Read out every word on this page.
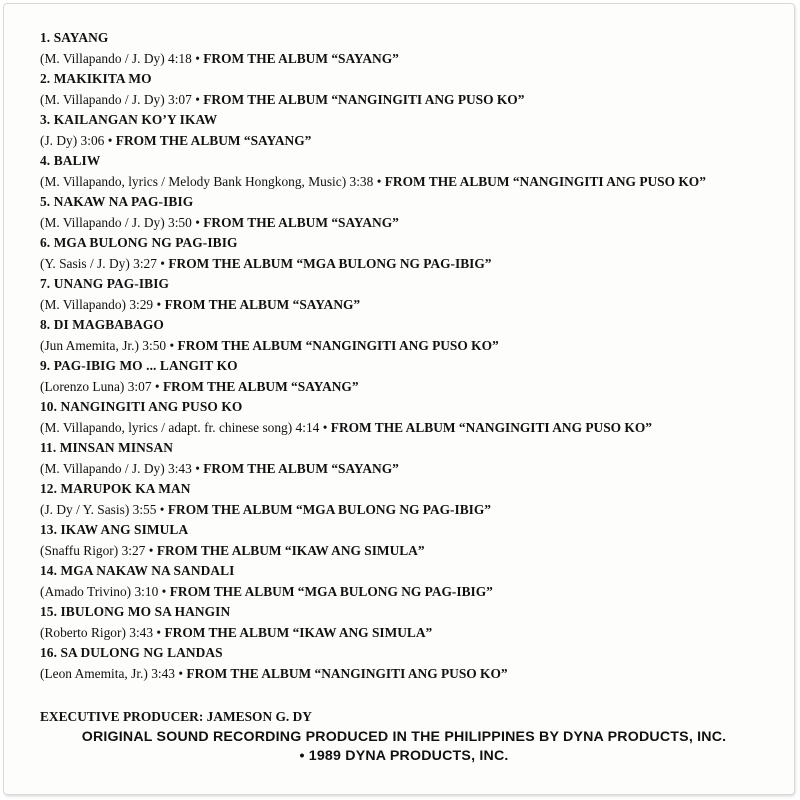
1. SAYANG
(M. Villapando / J. Dy) 4:18 • FROM THE ALBUM “SAYANG”
2. MAKIKITA MO
(M. Villapando / J. Dy) 3:07 • FROM THE ALBUM “NANGINGITI ANG PUSO KO”
3. KAILANGAN KO’Y IKAW
(J. Dy) 3:06 • FROM THE ALBUM “SAYANG”
4. BALIW
(M. Villapando, lyrics / Melody Bank Hongkong, Music) 3:38 • FROM THE ALBUM “NANGINGITI ANG PUSO KO”
5. NAKAW NA PAG-IBIG
(M. Villapando / J. Dy) 3:50 • FROM THE ALBUM “SAYANG”
6. MGA BULONG NG PAG-IBIG
(Y. Sasis / J. Dy) 3:27 • FROM THE ALBUM “MGA BULONG NG PAG-IBIG”
7. UNANG PAG-IBIG
(M. Villapando) 3:29 • FROM THE ALBUM “SAYANG”
8. DI MAGBABAGO
(Jun Amemita, Jr.) 3:50 • FROM THE ALBUM “NANGINGITI ANG PUSO KO”
9. PAG-IBIG MO ... LANGIT KO
(Lorenzo Luna) 3:07 • FROM THE ALBUM “SAYANG”
10. NANGINGITI ANG PUSO KO
(M. Villapando, lyrics / adapt. fr. chinese song) 4:14 • FROM THE ALBUM “NANGINGITI ANG PUSO KO”
11. MINSAN MINSAN
(M. Villapando / J. Dy) 3:43 • FROM THE ALBUM “SAYANG”
12. MARUPOK KA MAN
(J. Dy / Y. Sasis) 3:55 • FROM THE ALBUM “MGA BULONG NG PAG-IBIG”
13. IKAW ANG SIMULA
(Snaffu Rigor) 3:27 • FROM THE ALBUM “IKAW ANG SIMULA”
14. MGA NAKAW NA SANDALI
(Amado Trivino) 3:10 • FROM THE ALBUM “MGA BULONG NG PAG-IBIG”
15. IBULONG MO SA HANGIN
(Roberto Rigor) 3:43 • FROM THE ALBUM “IKAW ANG SIMULA”
16. SA DULONG NG LANDAS
(Leon Amemita, Jr.) 3:43 • FROM THE ALBUM “NANGINGITI ANG PUSO KO”
EXECUTIVE PRODUCER: JAMESON G. DY
ORIGINAL SOUND RECORDING PRODUCED IN THE PHILIPPINES BY DYNA PRODUCTS, INC.
• 1989 DYNA PRODUCTS, INC.
